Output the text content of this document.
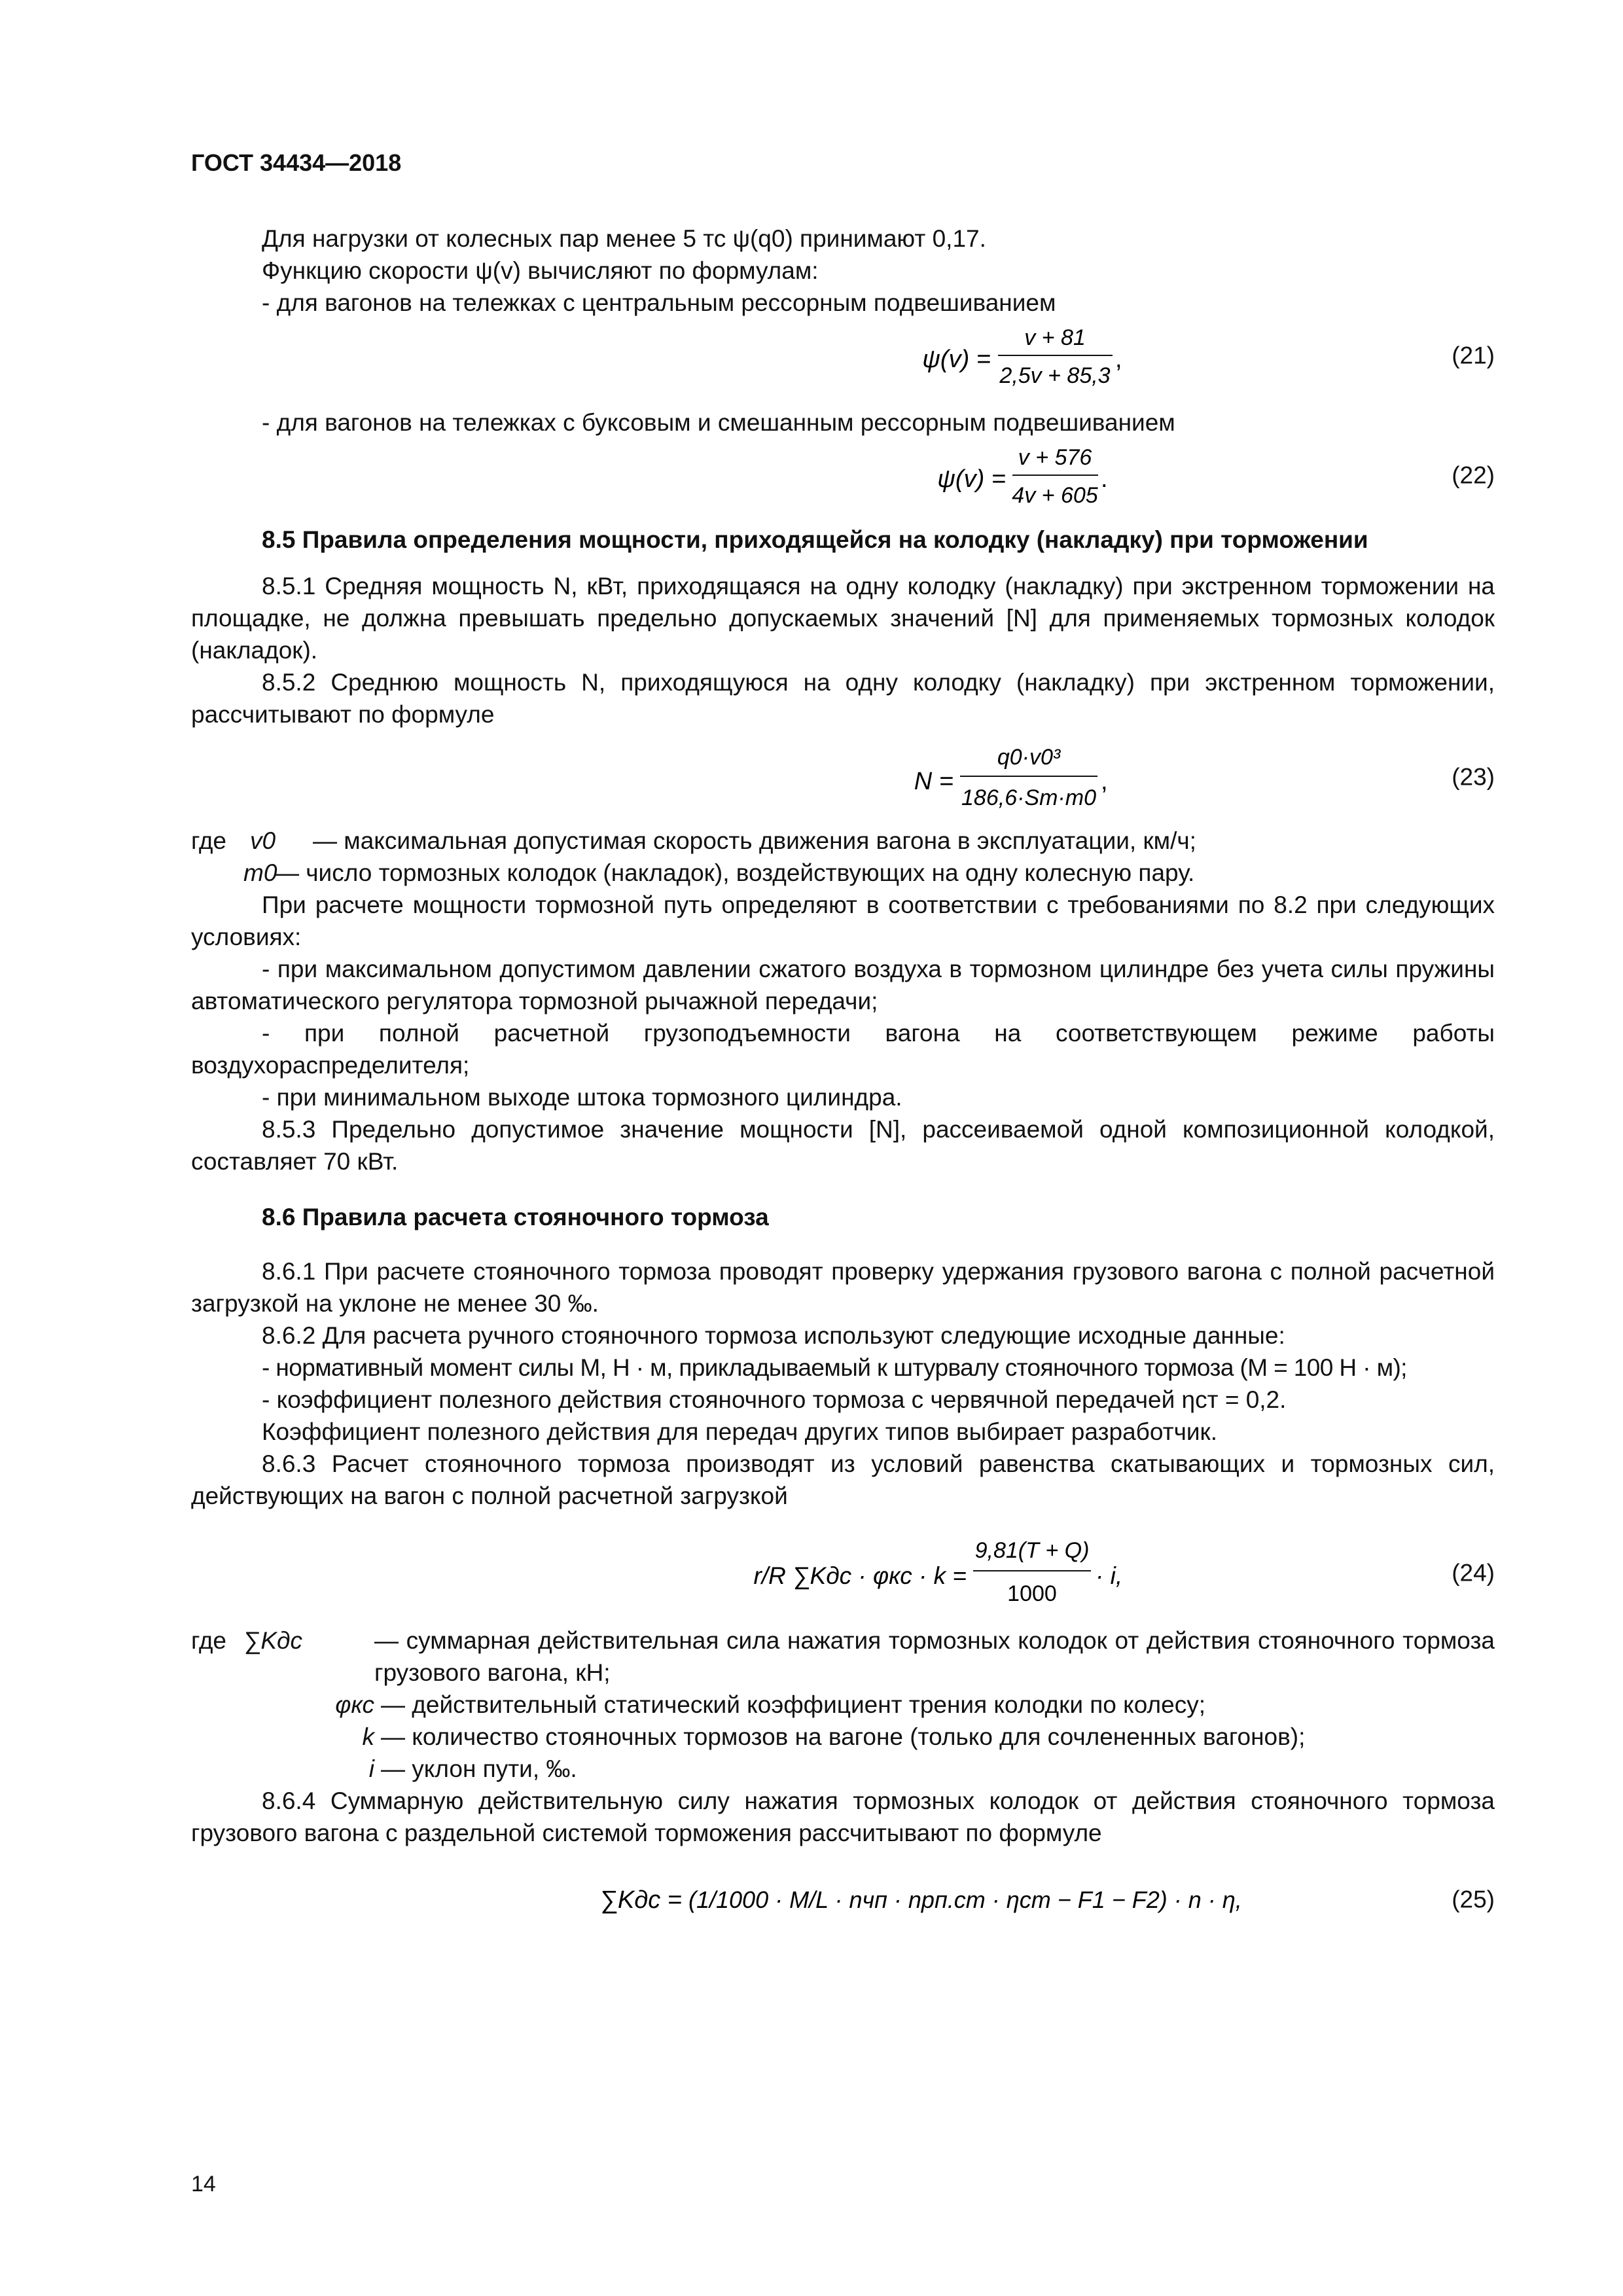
ГОСТ 34434—2018

Для нагрузки от колесных пар менее 5 тс ψ(q0) принимают 0,17.

Функцию скорости ψ(v) вычисляют по формулам:

- для вагонов на тележках с центральным рессорным подвешиванием

ψ(v) =
v + 81
2,5v + 85,3
,	(21)

- для вагонов на тележках с буксовым и смешанным рессорным подвешиванием

ψ(v) =
v + 576
4v + 605
.	(22)

8.5 Правила определения мощности, приходящейся на колодку (накладку) при торможении

8.5.1 Средняя мощность N, кВт, приходящаяся на одну колодку (накладку) при экстренном торможении на площадке, не должна превышать предельно допускаемых значений [N] для применяемых тормозных колодок (накладок).

8.5.2 Среднюю мощность N, приходящуюся на одну колодку (накладку) при экстренном торможении, рассчитывают по формуле

N =
q0·v0³
186,6·Sт·m0
,	(23)
где v0	— максимальная допустимая скорость движения вагона в эксплуатации, км/ч;
m0
— число тормозных колодок (накладок), воздействующих на одну колесную пару.

При расчете мощности тормозной путь определяют в соответствии с требованиями по 8.2 при следующих условиях:

- при максимальном допустимом давлении сжатого воздуха в тормозном цилиндре без учета силы пружины автоматического регулятора тормозной рычажной передачи;

- при полной расчетной грузоподъемности вагона на соответствующем режиме работы воздухораспределителя;

- при минимальном выходе штока тормозного цилиндра.

8.5.3 Предельно допустимое значение мощности [N], рассеиваемой одной композиционной колодкой, составляет 70 кВт.

8.6 Правила расчета стояночного тормоза

8.6.1 При расчете стояночного тормоза проводят проверку удержания грузового вагона с полной расчетной загрузкой на уклоне не менее 30 ‰.

8.6.2 Для расчета ручного стояночного тормоза используют следующие исходные данные:

- нормативный момент силы M, Н · м, прикладываемый к штурвалу стояночного тормоза (M = 100 Н · м);

- коэффициент полезного действия стояночного тормоза с червячной передачей ηст = 0,2.

Коэффициент полезного действия для передач других типов выбирает разработчик.

8.6.3 Расчет стояночного тормоза производят из условий равенства скатывающих и тормозных сил, действующих на вагон с полной расчетной загрузкой

r/R ∑Kдс · φкс · k =
9,81(T + Q)
1000
· i,	(24)
где ∑Kдс	— суммарная действительная сила нажатия тормозных колодок от действия стояночного тормоза грузового вагона, кН;
φкс — действительный статический коэффициент трения колодки по колесу;
k — количество стояночных тормозов на вагоне (только для сочлененных вагонов);
i — уклон пути, ‰.

8.6.4 Суммарную действительную силу нажатия тормозных колодок от действия стояночного тормоза грузового вагона с раздельной системой торможения рассчитывают по формуле

∑Kдс = (1/1000 · M/L · nчп · nрп.ст · ηст − F1 − F2) · n · η,	(25)
14
